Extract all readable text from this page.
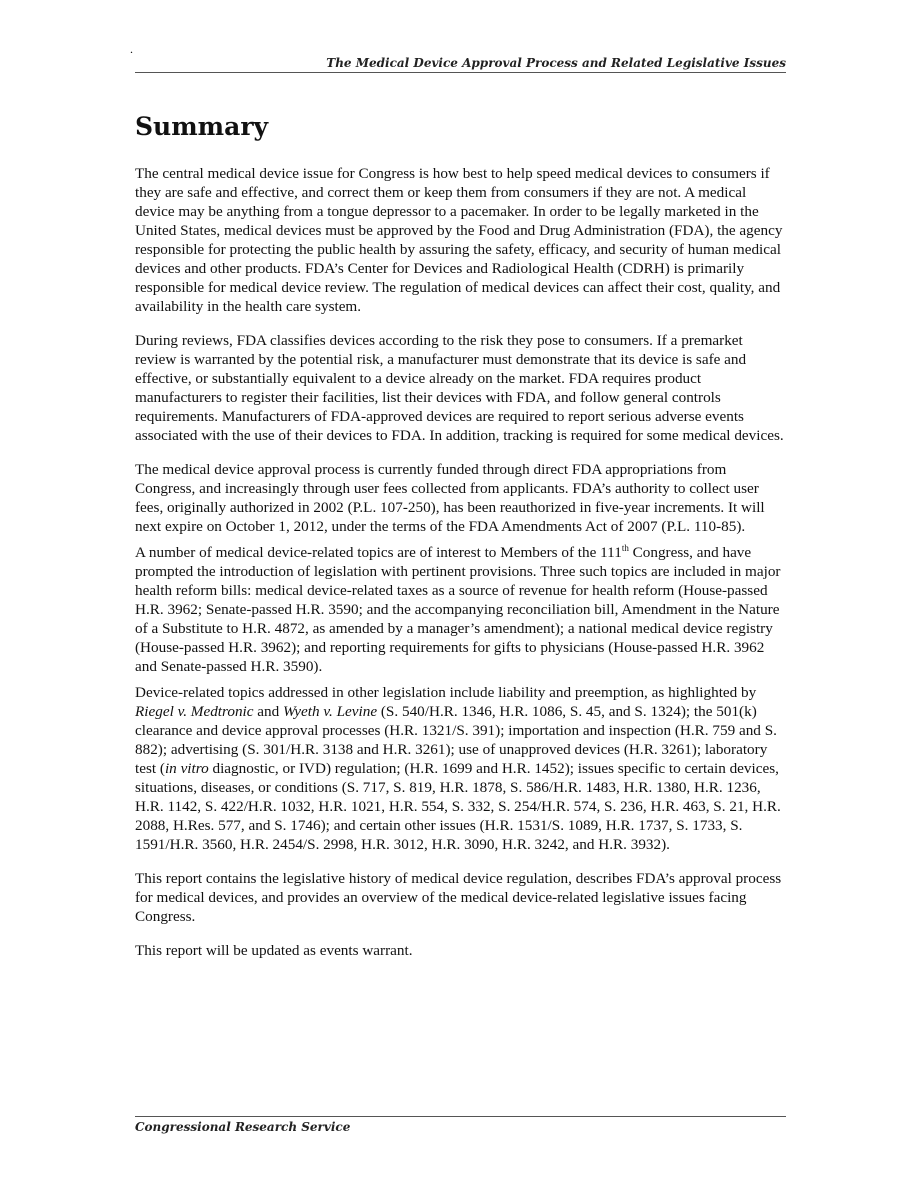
.
The Medical Device Approval Process and Related Legislative Issues
Summary

The central medical device issue for Congress is how best to help speed medical devices to consumers if they are safe and effective, and correct them or keep them from consumers if they are not. A medical device may be anything from a tongue depressor to a pacemaker. In order to be legally marketed in the United States, medical devices must be approved by the Food and Drug Administration (FDA), the agency responsible for protecting the public health by assuring the safety, efficacy, and security of human medical devices and other products. FDA’s Center for Devices and Radiological Health (CDRH) is primarily responsible for medical device review. The regulation of medical devices can affect their cost, quality, and availability in the health care system.

During reviews, FDA classifies devices according to the risk they pose to consumers. If a premarket review is warranted by the potential risk, a manufacturer must demonstrate that its device is safe and effective, or substantially equivalent to a device already on the market. FDA requires product manufacturers to register their facilities, list their devices with FDA, and follow general controls requirements. Manufacturers of FDA-approved devices are required to report serious adverse events associated with the use of their devices to FDA. In addition, tracking is required for some medical devices.

The medical device approval process is currently funded through direct FDA appropriations from Congress, and increasingly through user fees collected from applicants. FDA’s authority to collect user fees, originally authorized in 2002 (P.L. 107-250), has been reauthorized in five-year increments. It will next expire on October 1, 2012, under the terms of the FDA Amendments Act of 2007 (P.L. 110-85).

A number of medical device-related topics are of interest to Members of the 111th Congress, and have prompted the introduction of legislation with pertinent provisions. Three such topics are included in major health reform bills: medical device-related taxes as a source of revenue for health reform (House-passed H.R. 3962; Senate-passed H.R. 3590; and the accompanying reconciliation bill, Amendment in the Nature of a Substitute to H.R. 4872, as amended by a manager’s amendment); a national medical device registry (House-passed H.R. 3962); and reporting requirements for gifts to physicians (House-passed H.R. 3962 and Senate-passed H.R. 3590).

Device-related topics addressed in other legislation include liability and preemption, as highlighted by Riegel v. Medtronic and Wyeth v. Levine (S. 540/H.R. 1346, H.R. 1086, S. 45, and S. 1324); the 501(k) clearance and device approval processes (H.R. 1321/S. 391); importation and inspection (H.R. 759 and S. 882); advertising (S. 301/H.R. 3138 and H.R. 3261); use of unapproved devices (H.R. 3261); laboratory test (in vitro diagnostic, or IVD) regulation; (H.R. 1699 and H.R. 1452); issues specific to certain devices, situations, diseases, or conditions (S. 717, S. 819, H.R. 1878, S. 586/H.R. 1483, H.R. 1380, H.R. 1236, H.R. 1142, S. 422/H.R. 1032, H.R. 1021, H.R. 554, S. 332, S. 254/H.R. 574, S. 236, H.R. 463, S. 21, H.R. 2088, H.Res. 577, and S. 1746); and certain other issues (H.R. 1531/S. 1089, H.R. 1737, S. 1733, S. 1591/H.R. 3560, H.R. 2454/S. 2998, H.R. 3012, H.R. 3090, H.R. 3242, and H.R. 3932).

This report contains the legislative history of medical device regulation, describes FDA’s approval process for medical devices, and provides an overview of the medical device-related legislative issues facing Congress.

This report will be updated as events warrant.

Congressional Research Service
